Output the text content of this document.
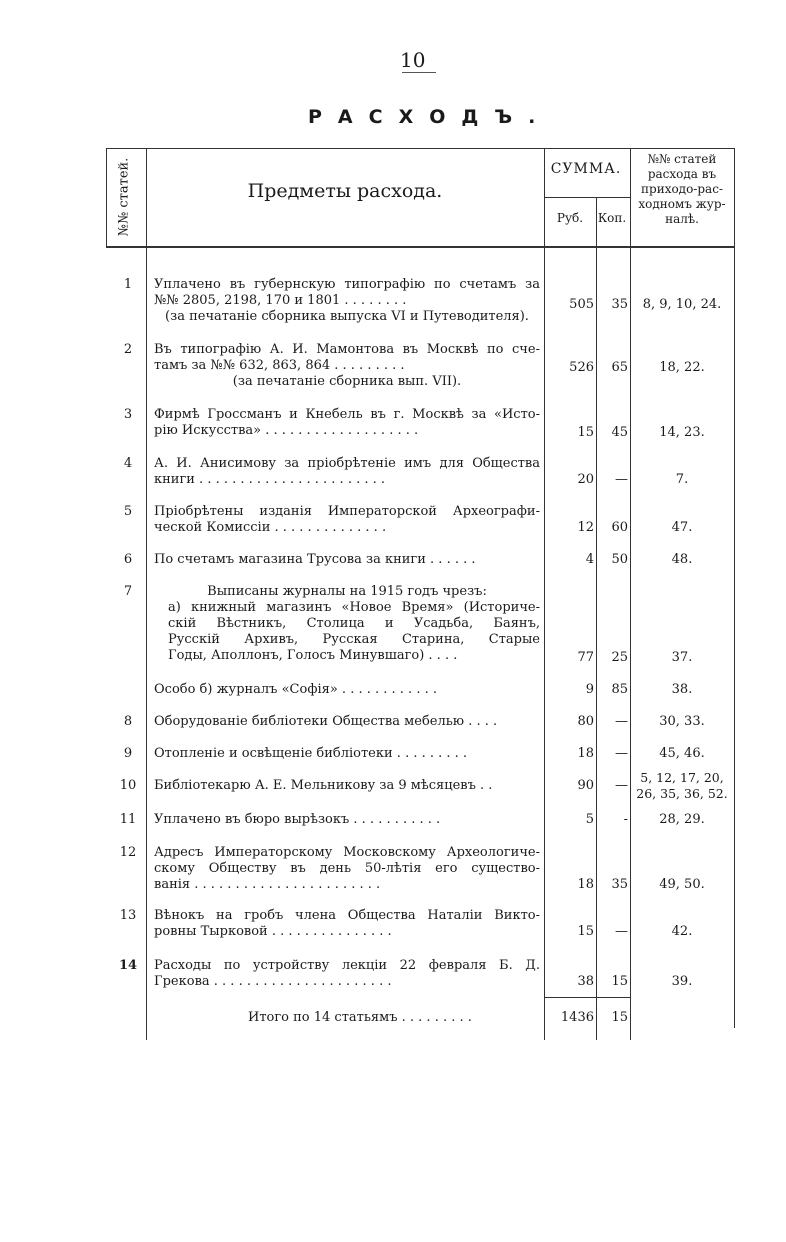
10
РАСХОДЪ.
№№ статей.	Предметы расхода.
СУММА.
Руб.	Коп.
№№ статей
расхода въ
приходо-рас-
ходномъ жур-
налѣ.
1	Уплачено въ губернскую типографію по счетамъ за
№№ 2805, 2198, 170 и 1801 . . . . . . . .
(за печатаніе сборника выпуска VI и Путеводителя).
505	35	8, 9, 10, 24.
2	Въ типографію А. И. Мамонтова въ Москвѣ по сче-
тамъ за №№ 632, 863, 864 . . . . . . . . .
(за печатаніе сборника вып. VII).
526	65	18, 22.
3	Фирмѣ Гроссманъ и Кнебель въ г. Москвѣ за «Исто-
рію Искусства» . . . . . . . . . . . . . . . . . . .	15	45	14, 23.
4	А. И. Анисимову за пріобрѣтеніе имъ для Общества
книги . . . . . . . . . . . . . . . . . . . . . . .	20	—	7.
5	Пріобрѣтены изданія Императорской Археографи-
ческой Комиссіи . . . . . . . . . . . . . .	12	60	47.
6	По счетамъ магазина Трусова за книги . . . . . .	4	50	48.
7	Выписаны журналы на 1915 годъ чрезъ:
а) книжный магазинъ «Новое Время» (Историче-
скій Вѣстникъ, Столица и Усадьба, Баянъ,
Русскій Архивъ, Русская Старина, Старые
Годы, Аполлонъ, Голосъ Минувшаго) . . . .	77	25	37.
Особо б) журналъ «Софія» . . . . . . . . . . . .	9	85	38.
8	Оборудованіе библіотеки Общества мебелью . . . .	80	—	30, 33.
9	Отопленіе и освѣщеніе библіотеки . . . . . . . . .	18	—	45, 46.
10	Библіотекарю А. Е. Мельникову за 9 мѣсяцевъ . .	90	—
5, 12, 17, 20,
26, 35, 36, 52.
11	Уплачено въ бюро вырѣзокъ . . . . . . . . . . .	5	-	28, 29.
12	Адресъ Императорскому Московскому Археологиче-
скому Обществу въ день 50-лѣтія его существо-
ванія . . . . . . . . . . . . . . . . . . . . . . .	18	35	49, 50.
13	Вѣнокъ на гробъ члена Общества Наталіи Викто-
ровны Тырковой . . . . . . . . . . . . . . .	15	—	42.
14	Расходы по устройству лекціи 22 февраля Б. Д.
Грекова . . . . . . . . . . . . . . . . . . . . . .	38	15	39.
Итого по 14 статьямъ . . . . . . . . .	1436	15
